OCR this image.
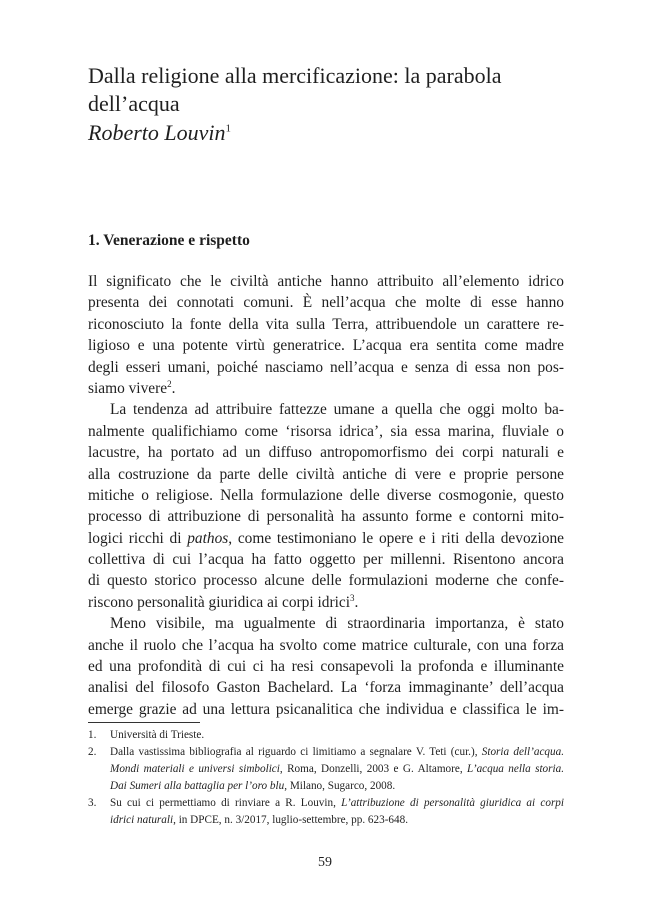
Dalla religione alla mercificazione: la parabola dell’acqua
Roberto Louvin$^1$
1. Venerazione e rispetto
Il significato che le civiltà antiche hanno attribuito all’elemento idrico
presenta dei connotati comuni. È nell’acqua che molte di esse hanno
riconosciuto la fonte della vita sulla Terra, attribuendole un carattere re-
ligioso e una potente virtù generatrice. L’acqua era sentita come madre
degli esseri umani, poiché nasciamo nell’acqua e senza di essa non pos-
siamo vivere$^2$.
La tendenza ad attribuire fattezze umane a quella che oggi molto ba-
nalmente qualifichiamo come ‘risorsa idrica’, sia essa marina, fluviale o
lacustre, ha portato ad un diffuso antropomorfismo dei corpi naturali e
alla costruzione da parte delle civiltà antiche di vere e proprie persone
mitiche o religiose. Nella formulazione delle diverse cosmogonie, questo
processo di attribuzione di personalità ha assunto forme e contorni mito-
logici ricchi di pathos, come testimoniano le opere e i riti della devozione
collettiva di cui l’acqua ha fatto oggetto per millenni. Risentono ancora
di questo storico processo alcune delle formulazioni moderne che confe-
riscono personalità giuridica ai corpi idrici$^3$.
Meno visibile, ma ugualmente di straordinaria importanza, è stato
anche il ruolo che l’acqua ha svolto come matrice culturale, con una forza
ed una profondità di cui ci ha resi consapevoli la profonda e illuminante
analisi del filosofo Gaston Bachelard. La ‘forza immaginante’ dell’acqua
emerge grazie ad una lettura psicanalitica che individua e classifica le im-
1.	Università di Trieste.
2.	Dalla vastissima bibliografia al riguardo ci limitiamo a segnalare V. Teti (cur.), Storia dell’acqua.
Mondi materiali e universi simbolici, Roma, Donzelli, 2003 e G. Altamore, L’acqua nella storia.
Dai Sumeri alla battaglia per l’oro blu, Milano, Sugarco, 2008.
3.	Su cui ci permettiamo di rinviare a R. Louvin, L’attribuzione di personalità giuridica ai corpi
idrici naturali, in DPCE, n. 3/2017, luglio-settembre, pp. 623-648.
59
